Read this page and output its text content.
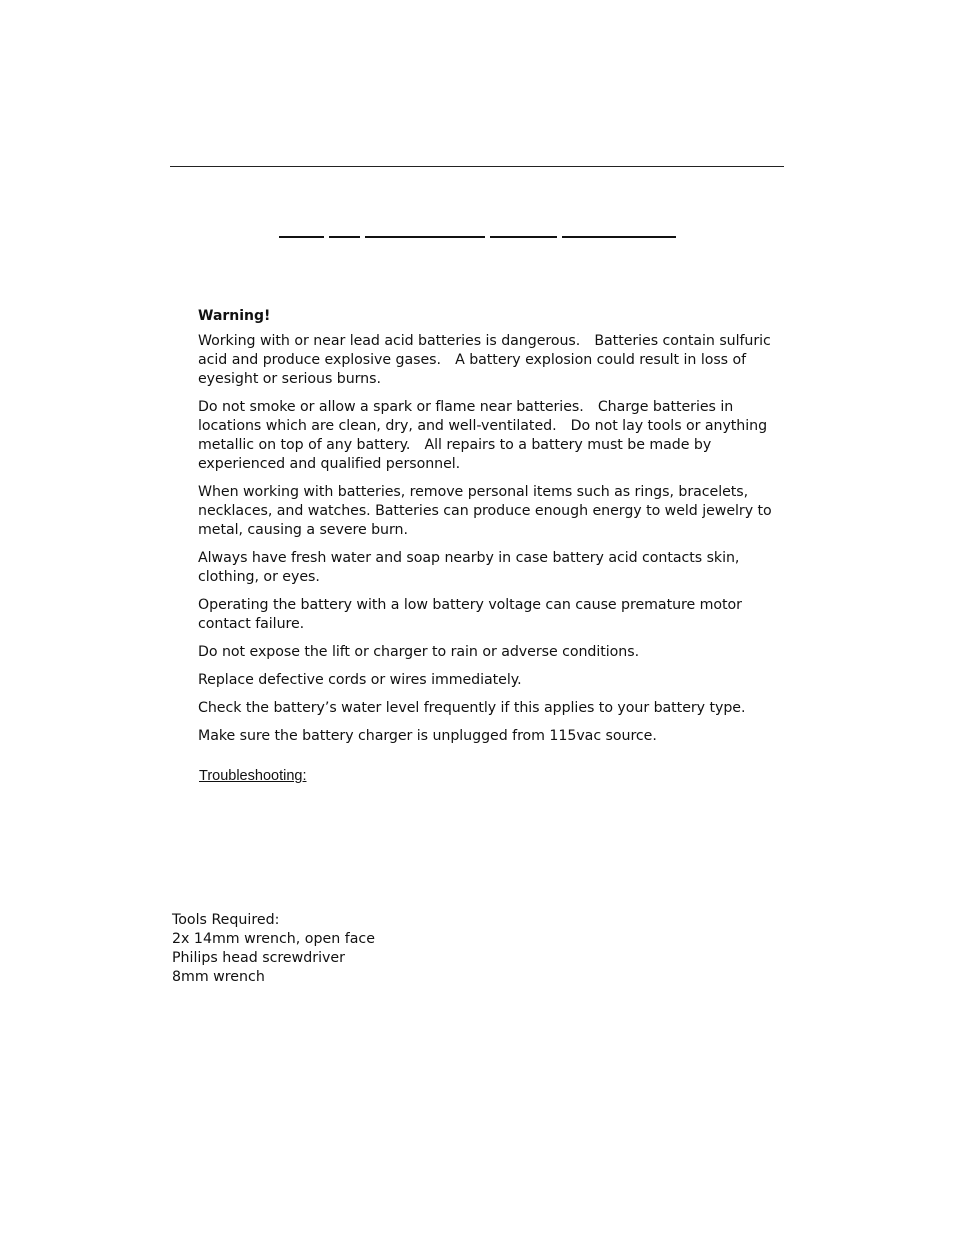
Warning!

Working with or near lead acid batteries is dangerous. Batteries contain sulfuric acid and produce explosive gases. A battery explosion could result in loss of eyesight or serious burns.

Do not smoke or allow a spark or flame near batteries. Charge batteries in locations which are clean, dry, and well-ventilated. Do not lay tools or anything metallic on top of any battery. All repairs to a battery must be made by experienced and qualified personnel.

When working with batteries, remove personal items such as rings, bracelets, necklaces, and watches. Batteries can produce enough energy to weld jewelry to metal, causing a severe burn.

Always have fresh water and soap nearby in case battery acid contacts skin, clothing, or eyes.

Operating the battery with a low battery voltage can cause premature motor contact failure.

Do not expose the lift or charger to rain or adverse conditions.

Replace defective cords or wires immediately.

Check the battery’s water level frequently if this applies to your battery type.

Make sure the battery charger is unplugged from 115vac source.

Troubleshooting:
Tools Required:
2x 14mm wrench, open face
Philips head screwdriver
8mm wrench
